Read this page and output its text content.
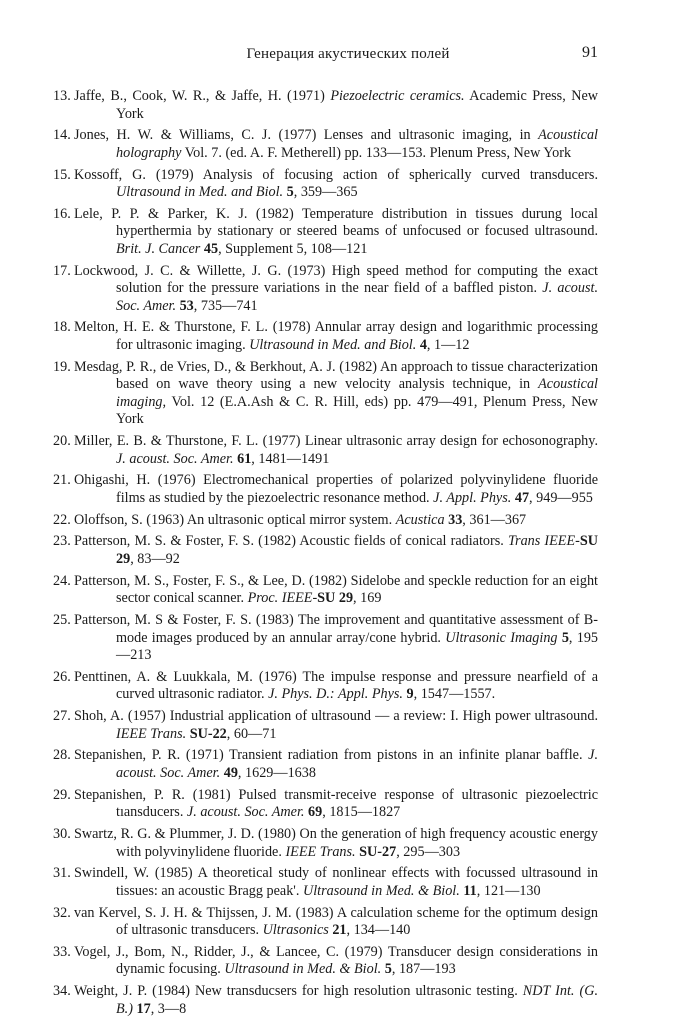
Генерация акустических полей	91
13. Jaffe, B., Cook, W. R., & Jaffe, H. (1971) Piezoelectric ceramics. Academic Press, New York
14. Jones, H. W. & Williams, C. J. (1977) Lenses and ultrasonic imaging, in Acoustical holography Vol. 7. (ed. A. F. Metherell) pp. 133—153. Plenum Press, New York
15. Kossoff, G. (1979) Analysis of focusing action of spherically curved transducers. Ultrasound in Med. and Biol. 5, 359—365
16. Lele, P. P. & Parker, K. J. (1982) Temperature distribution in tissues durung local hyperthermia by stationary or steered beams of unfocused or focused ultrasound. Brit. J. Cancer 45, Supplement 5, 108—121
17. Lockwood, J. C. & Willette, J. G. (1973) High speed method for computing the exact solution for the pressure variations in the near field of a baffled piston. J. acoust. Soc. Amer. 53, 735—741
18. Melton, H. E. & Thurstone, F. L. (1978) Annular array design and logarithmic processing for ultrasonic imaging. Ultrasound in Med. and Biol. 4, 1—12
19. Mesdag, P. R., de Vries, D., & Berkhout, A. J. (1982) An approach to tissue characterization based on wave theory using a new velocity analysis technique, in Acoustical imaging, Vol. 12 (E.A.Ash & C. R. Hill, eds) pp. 479—491, Plenum Press, New York
20. Miller, E. B. & Thurstone, F. L. (1977) Linear ultrasonic array design for echosonography. J. acoust. Soc. Amer. 61, 1481—1491
21. Ohigashi, H. (1976) Electromechanical properties of polarized polyvinylidene fluoride films as studied by the piezoelectric resonance method. J. Appl. Phys. 47, 949—955
22. Oloffson, S. (1963) An ultrasonic optical mirror system. Acustica 33, 361—367
23. Patterson, M. S. & Foster, F. S. (1982) Acoustic fields of conical radiators. Trans IEEE-SU 29, 83—92
24. Patterson, M. S., Foster, F. S., & Lee, D. (1982) Sidelobe and speckle reduction for an eight sector conical scanner. Proc. IEEE-SU 29, 169
25. Patterson, M. S & Foster, F. S. (1983) The improvement and quantitative assessment of B-mode images produced by an annular array/cone hybrid. Ultrasonic Imaging 5, 195—213
26. Penttinen, A. & Luukkala, M. (1976) The impulse response and pressure nearfield of a curved ultrasonic radiator. J. Phys. D.: Appl. Phys. 9, 1547—1557.
27. Shoh, A. (1957) Industrial application of ultrasound — a review: I. High power ultrasound. IEEE Trans. SU-22, 60—71
28. Stepanishen, P. R. (1971) Transient radiation from pistons in an infinite planar baffle. J. acoust. Soc. Amer. 49, 1629—1638
29. Stepanishen, P. R. (1981) Pulsed transmit-receive response of ultrasonic piezoelectric tıansducers. J. acoust. Soc. Amer. 69, 1815—1827
30. Swartz, R. G. & Plummer, J. D. (1980) On the generation of high frequency acoustic energy with polyvinylidene fluoride. IEEE Trans. SU-27, 295—303
31. Swindell, W. (1985) A theoretical study of nonlinear effects with focussed ultrasound in tissues: an acoustic Bragg peak'. Ultrasound in Med. & Biol. 11, 121—130
32. van Kervel, S. J. H. & Thijssen, J. M. (1983) A calculation scheme for the optimum design of ultrasonic transducers. Ultrasonics 21, 134—140
33. Vogel, J., Bom, N., Ridder, J., & Lancee, C. (1979) Transducer design considerations in dynamic focusing. Ultrasound in Med. & Biol. 5, 187—193
34. Weight, J. P. (1984) New transducsers for high resolution ultrasonic testing. NDT Int. (G. B.) 17, 3—8
